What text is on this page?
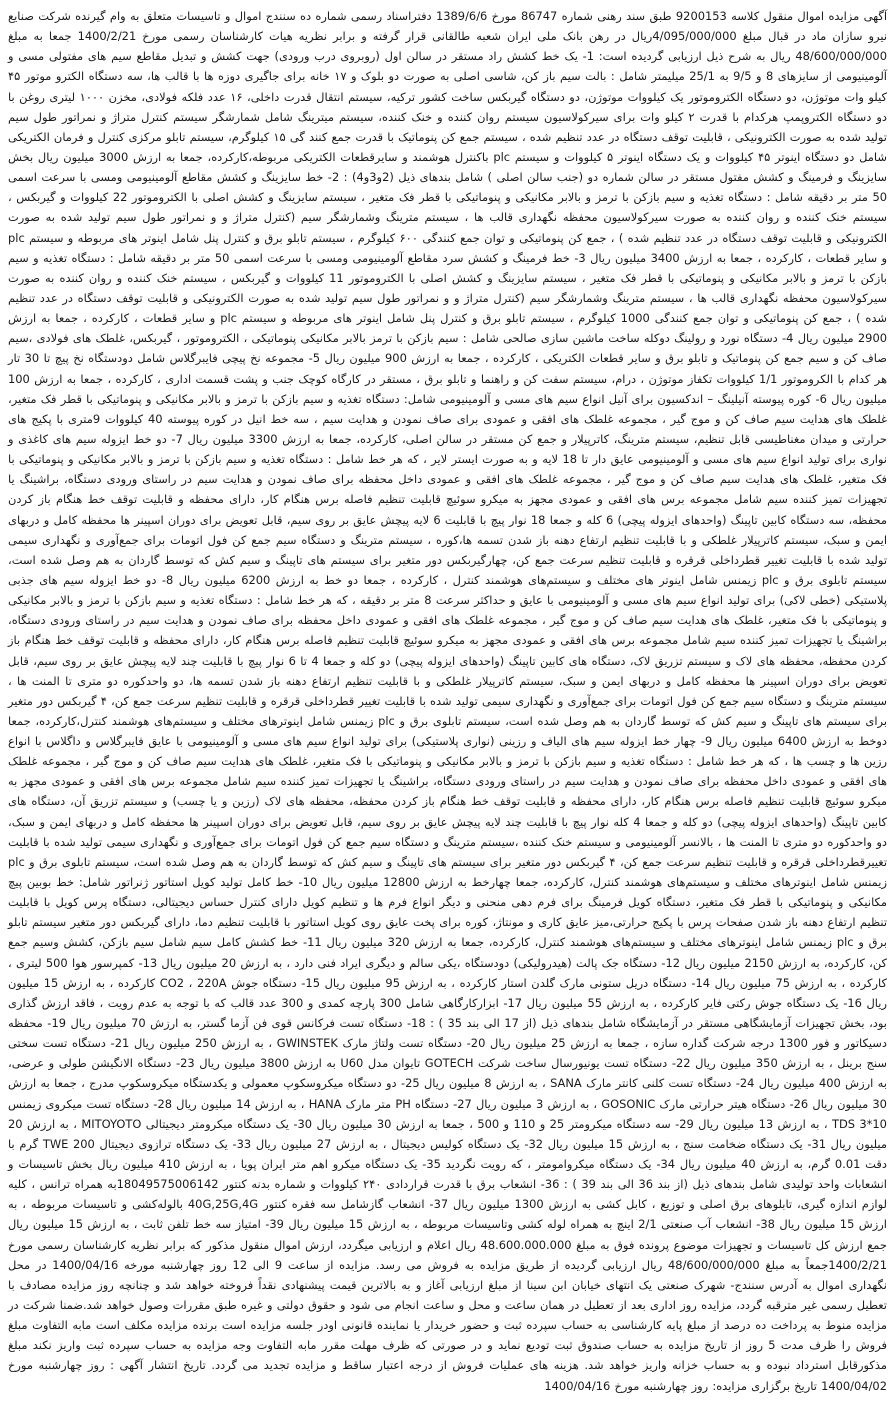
آگهی مزایده اموال منقول کلاسه 9200153 طبق سند رهنی شماره 86747 مورخ 1389/6/6 دفتراسناد رسمی شماره ده سنندج اموال و تاسیسات متعلق به وام گیرنده شرکت صنایع نیرو سازان ماد در قبال مبلغ 4/095/000/000ریال در رهن بانک ملی ایران شعبه طالقانی قرار گرفته و برابر نظریه هیات کارشناسان رسمی مورخ 1400/2/21 جمعا به مبلغ 48/600/000/000 ریال به شرح ذیل ارزیابی گردیده است: 1- یک خط کشش راد مستقر در سالن اول (روبروی درب ورودی) جهت کشش و تبدیل مقاطع سیم های مفتولی مسی و آلومینیومی از سایزهای 8 و 9/5 به 25/1 میلیمتر شامل : بالت سیم باز کن، شاسی اصلی به صورت دو بلوک و ۱۷ خانه برای جاگیری دوزه ها با قالب ها، سه دستگاه الکترو موتور ۴۵ کیلو وات موتوژن، دو دستگاه الکتروموتور یک کیلووات موتوژن، دو دستگاه گیربکس ساخت کشور ترکیه، سیستم انتقال قدرت داخلی، ۱۶ عدد فلکه فولادی، مخزن ۱۰۰۰ لیتری روغن با دو دستگاه الکتروپمپ هرکدام با قدرت ۲ کیلو وات برای سیرکولاسیون سیستم روان کننده و خنک کننده، سیستم میترینگ شامل شمارشگر سیستم کنترل متراژ و نمراتور طول سیم تولید شده به صورت الکترونیکی ، قابلیت توقف دستگاه در عدد تنظیم شده ، سیستم جمع کن پنوماتیک با قدرت جمع کنند گی ۱۵ کیلوگرم، سیستم تابلو مرکزی کنترل و فرمان الکتریکی شامل دو دستگاه اینوتر ۴۵ کیلووات و یک دستگاه اینوتر ۵ کیلووات و سیستم plc باکنترل هوشمند و سایرقطعات الکتریکی مربوطه،کارکرده، جمعا به ارزش 3000 میلیون ریال بخش سایزینگ و فرمینگ و کشش مفتول مستقر در سالن شماره دو (جنب سالن اصلی ) شامل بندهای ذیل (2و3و4) : 2- خط سایزینگ و کشش مقاطع آلومینیومی ومسی با سرعت اسمی 50 متر بر دقیقه شامل : دستگاه تغذیه و سیم بازکن با ترمز و بالابر مکانیکی و پنوماتیکی با قطر فک متغیر ، سیستم سایزینگ و کشش اصلی با الکتروموتور 22 کیلووات و گیربکس ، سیستم خنک کننده و روان کننده به صورت سیرکولاسیون محفظه نگهداری قالب ها ، سیستم مترینگ وشمارشگر سیم (کنترل متراژ و و نمراتور طول سیم تولید شده به صورت الکترونیکی و قابلیت توقف دستگاه در عدد تنظیم شده ) ، جمع کن پنوماتیکی و توان جمع کنندگی ۶۰۰ کیلوگرم ، سیستم تابلو برق و کنترل پنل شامل اینوتر های مربوطه و سیستم plc و سایر قطعات ، کارکرده ، جمعا به ارزش 3400 میلیون ریال 3- خط فرمینگ و کشش سرد مقاطع آلومینیومی ومسی با سرعت اسمی 50 متر بر دقیقه شامل : دستگاه تغذیه و سیم بازکن با ترمز و بالابر مکانیکی و پنوماتیکی با قطر فک متغیر ، سیستم سایزینگ و کشش اصلی با الکتروموتور 11 کیلووات و گیربکس ، سیستم خنک کننده و روان کننده به صورت سیرکولاسیون محفظه نگهداری قالب ها ، سیستم مترینگ وشمارشگر سیم (کنترل متراژ و و نمراتور طول سیم تولید شده به صورت الکترونیکی و قابلیت توقف دستگاه در عدد تنظیم شده ) ، جمع کن پنوماتیکی و توان جمع کنندگی 1000 کیلوگرم ، سیستم تابلو برق و کنترل پنل شامل اینوتر های مربوطه و سیستم plc و سایر قطعات ، کارکرده ، جمعا به ارزش 2900 میلیون ریال 4- دستگاه نورد و رولینگ دوکله ساخت ماشین سازی صالحی شامل : سیم بازکن با ترمز بالابر مکانیکی پنوماتیکی ، الکتروموتور ، گیربکس، غلطک های فولادی ،سیم صاف کن و سیم جمع کن پنوماتیک و تابلو برق و سایر قطعات الکتریکی ، کارکرده ، جمعا به ارزش 900 میلیون ریال 5- مجموعه نخ پیچی فایبرگلاس شامل دودستگاه نخ پیچ تا 30 تار هر کدام با الکروموتور 1/1 کیلووات تکفاز موتوژن ، درام، سیستم سفت کن و راهنما و تابلو برق ، مستقر در کارگاه کوچک جنب و پشت قسمت اداری ، کارکرده ، جمعا به ارزش 100 میلیون ریال 6- کوره پیوسته آنیلینگ – اندکسیون برای آنیل انواع سیم های مسی و آلومینیومی شامل: دستگاه تغذیه و سیم بازکن با ترمز و بالابر مکانیکی و پنوماتیکی با قطر فک متغیر، غلطک های هدایت سیم صاف کن و موج گیر ، مجموعه غلطک های افقی و عمودی برای صاف نمودن و هدایت سیم ، سه خط انیل در کوره پیوسته 40 کیلووات 9متری با پکیج های حرارتی و میدان مغناطیسی قابل تنظیم، سیستم مترینگ، کاترپیلار و جمع کن مستقر در سالن اصلی، کارکرده، جمعا به ارزش 3300 میلیون ریال 7- دو خط ایزوله سیم های کاغذی و نواری برای تولید انواع سیم های مسی و آلومینیومی عایق دار تا 18 لایه و به صورت ایستر لایر ، که هر خط شامل : دستگاه تغذیه و سیم بازکن با ترمز و بالابر مکانیکی و پنوماتیکی با فک متغیر، غلطک های هدایت سیم صاف کن و موج گیر ، مجموعه غلطک های افقی و عمودی داخل محفظه برای صاف نمودن و هدایت سیم در راستای ورودی دستگاه، براشینگ یا تجهیزات تمیز کننده سیم شامل مجموعه برس های افقی و عمودی مجهز به میکرو سوئیچ قابلیت تنظیم فاصله برس هنگام کار، دارای محفظه و قابلیت توقف خط هنگام باز کردن محفظه، سه دستگاه کابین تاپینگ (واحدهای ایزوله پیچی) 6 کله و جمعا 18 نوار پیچ با قابلیت 6 لایه پیچش عایق بر روی سیم، قابل تعویض برای دوران اسپینر ها محفظه کامل و دربهای ایمن و سبک، سیستم کاترپیلار غلطکی و با قابلیت تنظیم ارتفاع دهنه باز شدن تسمه ها،کوره ، سیستم مترینگ و دستگاه سیم جمع کن فول اتومات برای جمع‌آوری و نگهداری سیمی تولید شده با قابلیت تغییر قطرداخلی قرقره و قابلیت تنظیم سرعت جمع کن، چهارگیربکس دور متغیر برای سیستم های تاپینگ و سیم کش که توسط گاردان به هم وصل شده است، سیستم تابلوی برق و plc زیمنس شامل اینوتر های مختلف و سیستم‌های هوشمند کنترل ، کارکرده ، جمعا دو خط به ارزش 6200 میلیون ریال 8- دو خط ایزوله سیم های جذبی پلاستیکی (خطی لاکی) برای تولید انواع سیم های مسی و آلومینیومی با عایق و حداکثر سرعت 8 متر بر دقیقه ، که هر خط شامل : دستگاه تغذیه و سیم بازکن با ترمز و بالابر مکانیکی و پنوماتیکی با فک متغیر، غلطک های هدایت سیم صاف کن و موج گیر ، مجموعه غلطک های افقی و عمودی داخل محفظه برای صاف نمودن و هدایت سیم در راستای ورودی دستگاه، براشینگ یا تجهیزات تمیز کننده سیم شامل مجموعه برس های افقی و عمودی مجهز به میکرو سوئیچ قابلیت تنظیم فاصله برس هنگام کار، دارای محفظه و قابلیت توقف خط هنگام باز کردن محفظه، محفظه های لاک و سیستم تزریق لاک، دستگاه های کابین تاپینگ (واحدهای ایزوله پیچی) دو کله و جمعا 4 تا 6 نوار پیچ با قابلیت چند لایه پیچش عایق بر روی سیم، قابل تعویض برای دوران اسپینر ها محفظه کامل و دربهای ایمن و سبک، سیستم کاترپیلار غلطکی و با قابلیت تنظیم ارتفاع دهنه باز شدن تسمه ها، دو واحدکوره دو متری تا المنت ها ، سیستم مترینگ و دستگاه سیم جمع کن فول اتومات برای جمع‌آوری و نگهداری سیمی تولید شده با قابلیت تغییر قطرداخلی قرقره و قابلیت تنظیم سرعت جمع کن، ۴ گیربکس دور متغیر برای سیستم های تاپینگ و سیم کش که توسط گاردان به هم وصل شده است، سیستم تابلوی برق و plc زیمنس شامل اینوترهای مختلف و سیستم‌های هوشمند کنترل،کارکرده، جمعا دوخط به ارزش 6400 میلیون ریال 9- چهار خط ایزوله سیم های الیاف و رزینی (نواری پلاستیکی) برای تولید انواع سیم های مسی و آلومینیومی با عایق فایبرگلاس و داگلاس با انواع رزین ها و چسب ها ، که هر خط شامل : دستگاه تغذیه و سیم بازکن با ترمز و بالابر مکانیکی و پنوماتیکی با فک متغیر، غلطک های هدایت سیم صاف کن و موج گیر ، مجموعه غلطک های افقی و عمودی داخل محفظه برای صاف نمودن و هدایت سیم در راستای ورودی دستگاه، براشینگ یا تجهیزات تمیز کننده سیم شامل مجموعه برس های افقی و عمودی مجهز به میکرو سوئیچ قابلیت تنظیم فاصله برس هنگام کار، دارای محفظه و قابلیت توقف خط هنگام باز کردن محفظه، محفظه های لاک (رزین و یا چسب) و سیستم تزریق آن، دستگاه های کابین تاپینگ (واحدهای ایزوله پیچی) دو کله و جمعا 4 کله نوار پیچ با قابلیت چند لایه پیچش عایق بر روی سیم، قابل تعویض برای دوران اسپینر ها محفظه کامل و دربهای ایمن و سبک، دو واحدکوره دو متری تا المنت ها ، بالانسر آلومینیومی و سیستم خنک کننده ،سیستم مترینگ و دستگاه سیم جمع کن فول اتومات برای جمع‌آوری و نگهداری سیمی تولید شده با قابلیت تغییرقطرداخلی قرقره و قابلیت تنظیم سرعت جمع کن، ۴ گیربکس دور متغیر برای سیستم های تاپینگ و سیم کش که توسط گاردان به هم وصل شده است، سیستم تابلوی برق و plc زیمنس شامل اینوترهای مختلف و سیستم‌های هوشمند کنترل، کارکرده، جمعا چهارخط به ارزش 12800 میلیون ریال 10- خط کامل تولید کویل استاتور ژنراتور شامل: خط بوبین پیچ مکانیکی و پنوماتیکی با قطر فک متغیر، دستگاه کویل فرمینگ برای فرم دهی منحنی و دیگر انواع فرم ها و تنظیم کویل دارای کنترل حساس دیجیتالی، دستگاه پرس کویل با قابلیت تنظیم ارتفاع دهنه باز شدن صفحات پرس با پکیج حرارتی،میز عایق کاری و مونتاژ، کوره برای پخت عایق روی کویل استاتور با قابلیت تنظیم دما، دارای گیربکس دور متغیر سیستم تابلو برق و plc زیمنس شامل اینوترهای مختلف و سیستم‌های هوشمند کنترل، کارکرده، جمعا به ارزش 320 میلیون ریال 11- خط کشش کامل سیم شامل سیم بازکن، کشش وسیم جمع کن، کارکرده، به ارزش 2150 میلیون ریال 12- دستگاه جک پالت (هیدرولیکی) دودستگاه ،یکی سالم و دیگری ایراد فنی دارد ، به ارزش 20 میلیون ریال 13- کمپرسور هوا 500 لیتری ، کارکرده ، به ارزش 75 میلیون ریال 14- دستگاه دریل ستونی مارک گلدن استار کارکرده ، به ارزش 95 میلیون ریال 15- دستگاه جوش CO2 ، 220A کارکرده ، به ارزش 15 میلیون ریال 16- یک دستگاه جوش رکتی فایر کارکرده ، به ارزش 55 میلیون ریال 17- ابزارکارگاهی شامل 300 پارچه کمدی و 300 عدد قالب که با توجه به عدم رویت ، فاقد ارزش گذاری بود، بخش تجهیزات آزمایشگاهی مستقر در آزمایشگاه شامل بندهای ذیل (از 17 الی بند 35 ) : 18- دستگاه تست فرکانس قوی فن آزما گستر، به ارزش 70 میلیون ریال 19- محفظه دسیکاتور و فور 1300 درجه شرکت گداره سازه ، جمعا به ارزش 25 میلیون ریال 20- دستگاه تست ولتاژ مارک GWINSTEK ، به ارزش 250 میلیون ریال 21- دستگاه تست سختی سنج برینل ، به ارزش 350 میلیون ریال 22- دستگاه تست یونیورسال ساخت شرکت GOTECH تایوان مدل U60 به ارزش 3800 میلیون ریال 23- دستگاه الانگیشن طولی و عرضی، به ارزش 400 میلیون ریال 24- دستگاه تست کلنی کانتر مارک SANA ، به ارزش 8 میلیون ریال 25- دو دستگاه میکروسکوپ معمولی و یکدستگاه میکروسکوپ مدرج ، جمعا به ارزش 30 میلیون ریال 26- دستگاه هیتر حرارتی مارک GOSONIC ، به ارزش 3 میلیون ریال 27- دستگاه PH متر مارک HANA ، به ارزش 14 میلیون ریال 28- دستگاه تست میکروی زیمنس TDS 3*10 ، به ارزش 13 میلیون ریال 29- سه دستگاه میکرومتر 25 و 110 و 500 ، جمعا به ارزش 30 میلیون ریال 30- یک دستگاه میکرومتر دیجیتالی MITOYOTO ، به ارزش 20 میلیون ریال 31- یک دستگاه ضخامت سنج ، به ارزش 15 میلیون ریال 32- یک دستگاه کولیس دیجیتال ، به ارزش 27 میلیون ریال 33- یک دستگاه ترازوی دیجیتال TWE 200 گرم با دقت 0.01 گرم، به ارزش 40 میلیون ریال 34- یک دستگاه میکروامومتر ، که رویت نگردید 35- یک دستگاه میکرو اهم متر ایران پویا ، به ارزش 410 میلیون ریال بخش تاسیسات و انشعابات واحد تولیدی شامل بندهای ذیل (از بند 36 الی بند 39 ) : 36- انشعاب برق با قدرت قراردادی ۲۴۰ کیلووات و شماره بدنه کنتور 18049575006142به همراه ترانس ، کلیه لوازم اندازه گیری، تابلوهای برق اصلی و توزیع ، کابل کشی به ارزش 1300 میلیون ریال 37- انشعاب گازشامل سه فقره کنتور 40G,25G,4G بالوله‌کشی و تاسیسات مربوطه ، به ارزش 15 میلیون ریال 38- انشعاب آب صنعتی 2/1 اینچ به همراه لوله کشی وتاسیسات مربوطه ، به ارزش 15 میلیون ریال 39- امتیاز سه خط تلفن ثابت ، به ارزش 15 میلیون ریال جمع ارزش کل تاسیسات و تجهیزات موضوع پرونده فوق به مبلغ 48.600.000.000 ریال اعلام و ارزیابی میگردد، ارزش اموال منقول مذکور که برابر نظریه کارشناسان رسمی مورخ 1400/2/21جمعاً به مبلغ 48/600/000/000 ریال ارزیابی گردیده از طریق مزایده به فروش می رسد. مزایده از ساعت 9 الی 12 روز چهارشنبه مورخه 1400/04/16 در محل نگهداری اموال به آدرس سنندج- شهرک صنعتی یک انتهای خیابان ابن سینا از مبلغ ارزیابی آغاز و به بالاترین قیمت پیشنهادی نقداً فروخته خواهد شد و چنانچه روز مزایده مصادف با تعطیل رسمی غیر مترقبه گردد، مزایده روز اداری بعد از تعطیل در همان ساعت و محل و ساعت انجام می شود و حقوق دولتی و غیره طبق مقررات وصول خواهد شد.ضمنا شرکت در مزایده منوط به پرداخت ده درصد از مبلغ پایه کارشناسی به حساب سپرده ثبت و حضور خریدار یا نماینده قانونی اودر جلسه مزایده است برنده مزایده مکلف است مابه التفاوت مبلغ فروش را ظرف مدت 5 روز از تاریخ مزایده به حساب صندوق ثبت تودیع نماید و در صورتی که ظرف مهلت مقرر مابه التفاوت وجه مزایده به حساب سپرده ثبت واریز نکند مبلغ مذکورقابل استرداد نبوده و به حساب خزانه واریز خواهد شد. هزینه های عملیات فروش از درجه اعتبار ساقط و مزایده تجدید می گردد. تاریخ انتشار آگهی : روز چهارشنبه مورخ 1400/04/02 تاریخ برگزاری مزایده: روز چهارشنبه مورخ 1400/04/16
